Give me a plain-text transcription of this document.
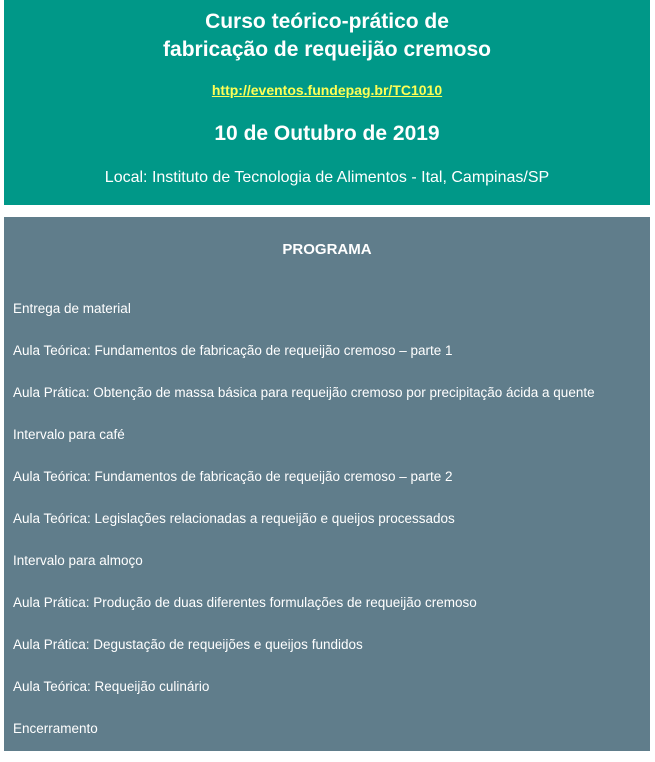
Curso teórico-prático de
fabricação de requeijão cremoso
http://eventos.fundepag.br/TC1010
10 de Outubro de 2019
Local: Instituto de Tecnologia de Alimentos - Ital, Campinas/SP
PROGRAMA
Entrega de material
Aula Teórica: Fundamentos de fabricação de requeijão cremoso – parte 1
Aula Prática: Obtenção de massa básica para requeijão cremoso por precipitação ácida a quente
Intervalo para café
Aula Teórica: Fundamentos de fabricação de requeijão cremoso – parte 2
Aula Teórica: Legislações relacionadas a requeijão e queijos processados
Intervalo para almoço
Aula Prática: Produção de duas diferentes formulações de requeijão cremoso
Aula Prática: Degustação de requeijões e queijos fundidos
Aula Teórica: Requeijão culinário
Encerramento
